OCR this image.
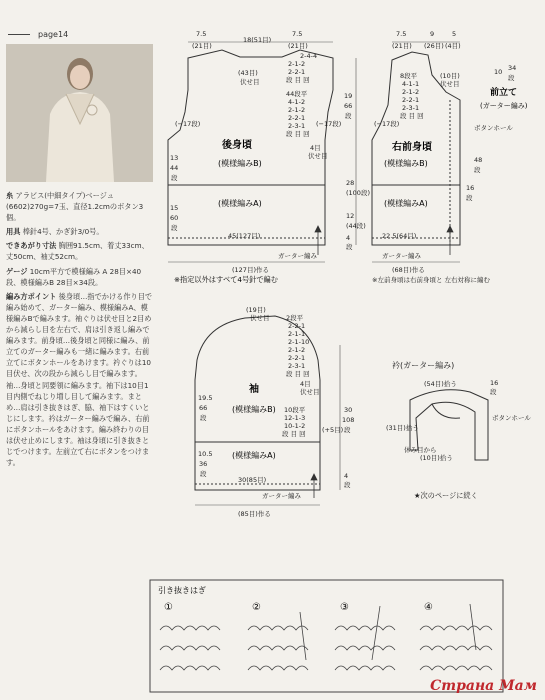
page14

糸 アラビス(中細タイプ)ベージュ(6602)270g=7玉、直径1.2cmのボタン3個。

用具 棒針4号、かぎ針3/0号。

できあがり寸法 胸囲91.5cm、着丈33cm、丈50cm、袖丈52cm。

ゲージ 10cm平方で模様編み A 28目×40段、模様編みB 28目×34段。

編み方ポイント 後身頃…指でかける作り目で編み始めて、ガーター編み、模様編みA、模様編みBで編みます。袖ぐりは伏せ目と2目めから減らし目を左右で、肩は引き返し編みで編みます。前身頃…後身頃と同様に編み、前立てのガーター編みも一緒に編みます。右前立てにボタンホールをあけます。衿ぐりは10目伏せ、次の段から減らし目で編みます。袖…身頃と同要領に編みます。袖下は10目1目内側でねじり増し目して編みます。まとめ…肩は引き抜きはぎ、脇、袖下はすくいとじにします。衿はガーター編みで編み、右前にボタンホールをあけます。編み終わりの目は伏せ止めにします。袖は身頃に引き抜きとじでつけます。左前立て右にボタンをつけます。

7.5
(21目)
18(51目)
7.5
(21目)
(43目)
伏せ目
2-4-4
2-1-2
2-2-1
段 目 回
44段平
4-1-2
2-1-2
2-2-1
2-3-1
段 目 回
4目
伏せ目
(−17段)
(−17段)
19
66
段
13
44
段
15
60
段
28
(100段)
12
(44段)
4
段
45(127目)
(127目)作る
ガーター編み
後身頃
(模様編みB)
(模様編みA)
7.5
(21目)
9
(26目)
5
(4目)
8段平
4-1-1
2-1-2
2-2-1
2-3-1
段 目 回
(10目)
伏せ目
(−17段)
34
段
10
48
段
16
段
22.5(64目)
(68目)作る
ガーター編み
※左前身頃は右前身頃と 左右対称に編む
ボタンホール
前立て
(ガーター編み)
右前身頃
(模様編みB)
(模様編みA)
※指定以外はすべて4号針で編む
(19目)
伏せ目	2段平
2-2-1
2-1-1
2-1-10
2-1-2
2-2-1
2-3-1
段 目 回
4目
伏せ目
10段平
12-1-3
10-1-2
段 目 回	(+5目)
19.5
66
段
30
108
段
10.5
36
段	4
段
30(85目)
(85目)作る
ガーター編み
袖
(模様編みB)
(模様編みA)
衿(ガーター編み)
(54目)拾う
(31目)拾う
休み目から
(10目)拾う
ボタンホール
16
段
★次のページに続く
引き抜きはぎ
①	②	③	④
Страна Мам
